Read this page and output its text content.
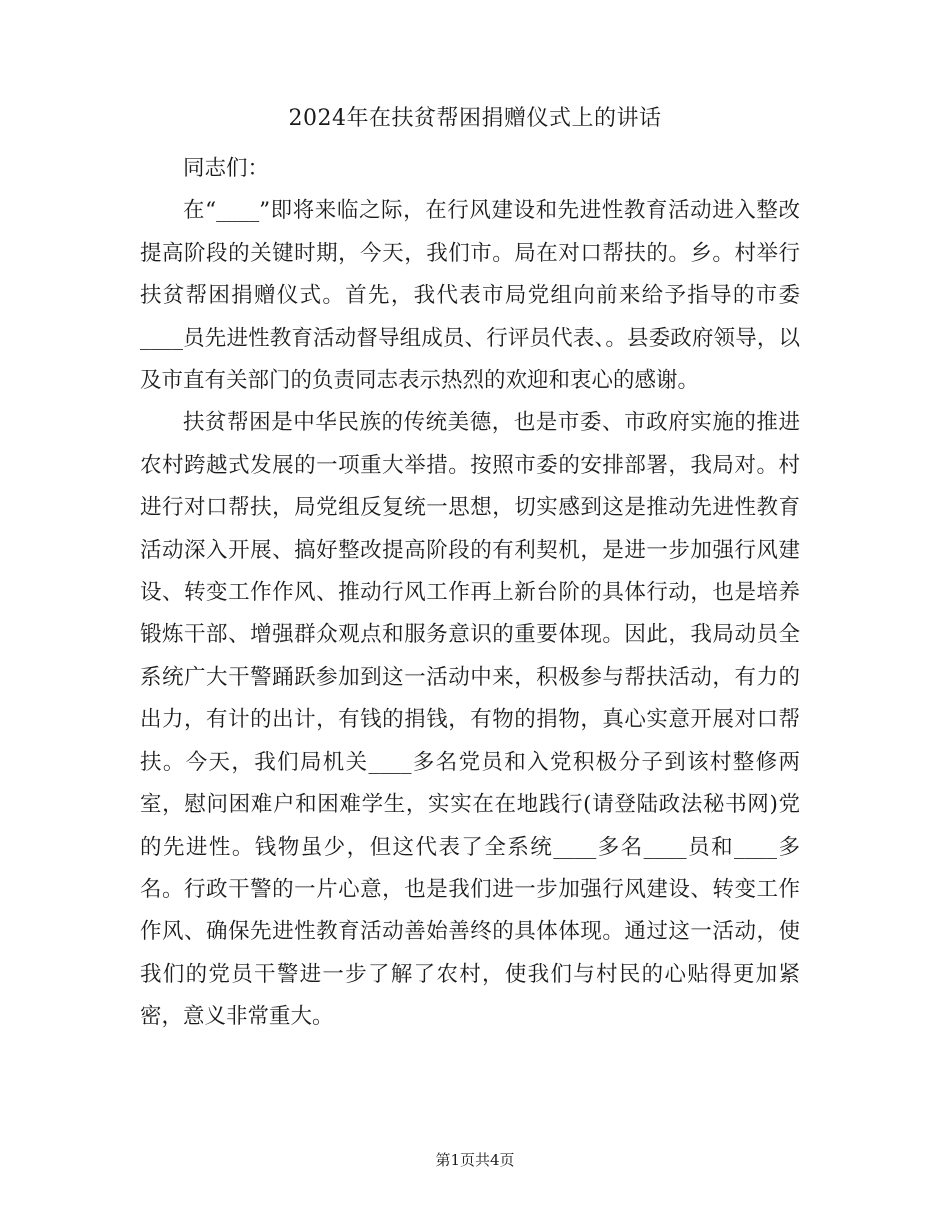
2024年在扶贫帮困捐赠仪式上的讲话

同志们：

在“____”即将来临之际，在行风建设和先进性教育活动进入整改提高阶段的关键时期，今天，我们市。局在对口帮扶的。乡。村举行扶贫帮困捐赠仪式。首先，我代表市局党组向前来给予指导的市委____员先进性教育活动督导组成员、行评员代表、。县委政府领导，以及市直有关部门的负责同志表示热烈的欢迎和衷心的感谢。

扶贫帮困是中华民族的传统美德，也是市委、市政府实施的推进农村跨越式发展的一项重大举措。按照市委的安排部署，我局对。村进行对口帮扶，局党组反复统一思想，切实感到这是推动先进性教育活动深入开展、搞好整改提高阶段的有利契机，是进一步加强行风建设、转变工作作风、推动行风工作再上新台阶的具体行动，也是培养锻炼干部、增强群众观点和服务意识的重要体现。因此，我局动员全系统广大干警踊跃参加到这一活动中来，积极参与帮扶活动，有力的出力，有计的出计，有钱的捐钱，有物的捐物，真心实意开展对口帮扶。今天，我们局机关____多名党员和入党积极分子到该村整修两室，慰问困难户和困难学生，实实在在地践行(请登陆政法秘书网)党的先进性。钱物虽少，但这代表了全系统____多名____员和____多名。行政干警的一片心意，也是我们进一步加强行风建设、转变工作作风、确保先进性教育活动善始善终的具体体现。通过这一活动，使我们的党员干警进一步了解了农村，使我们与村民的心贴得更加紧密，意义非常重大。

第1页共4页
